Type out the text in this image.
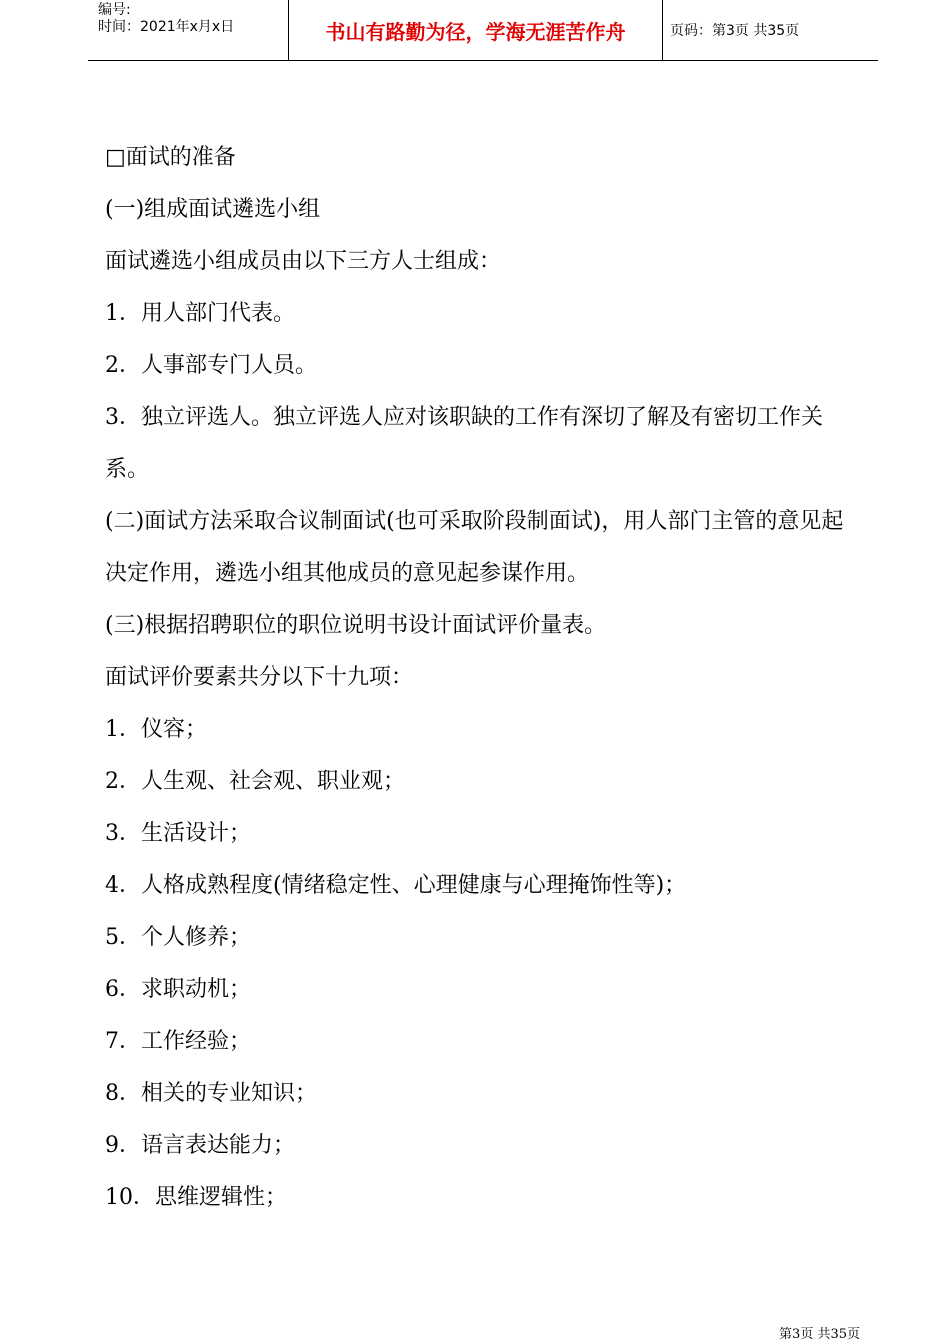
编号:
时间：2021年x月x日	书山有路勤为径，学海无涯苦作舟	页码：第3页 共35页
□面试的准备
(一)组成面试遴选小组
面试遴选小组成员由以下三方人士组成：
1．用人部门代表。
2．人事部专门人员。
3．独立评选人。独立评选人应对该职缺的工作有深切了解及有密切工作关系。
(二)面试方法采取合议制面试(也可采取阶段制面试)，用人部门主管的意见起决定作用，遴选小组其他成员的意见起参谋作用。
(三)根据招聘职位的职位说明书设计面试评价量表。
面试评价要素共分以下十九项：
1．仪容；
2．人生观、社会观、职业观；
3．生活设计；
4．人格成熟程度(情绪稳定性、心理健康与心理掩饰性等)；
5．个人修养；
6．求职动机；
7．工作经验；
8．相关的专业知识；
9．语言表达能力；
10．思维逻辑性；
第3页 共35页
